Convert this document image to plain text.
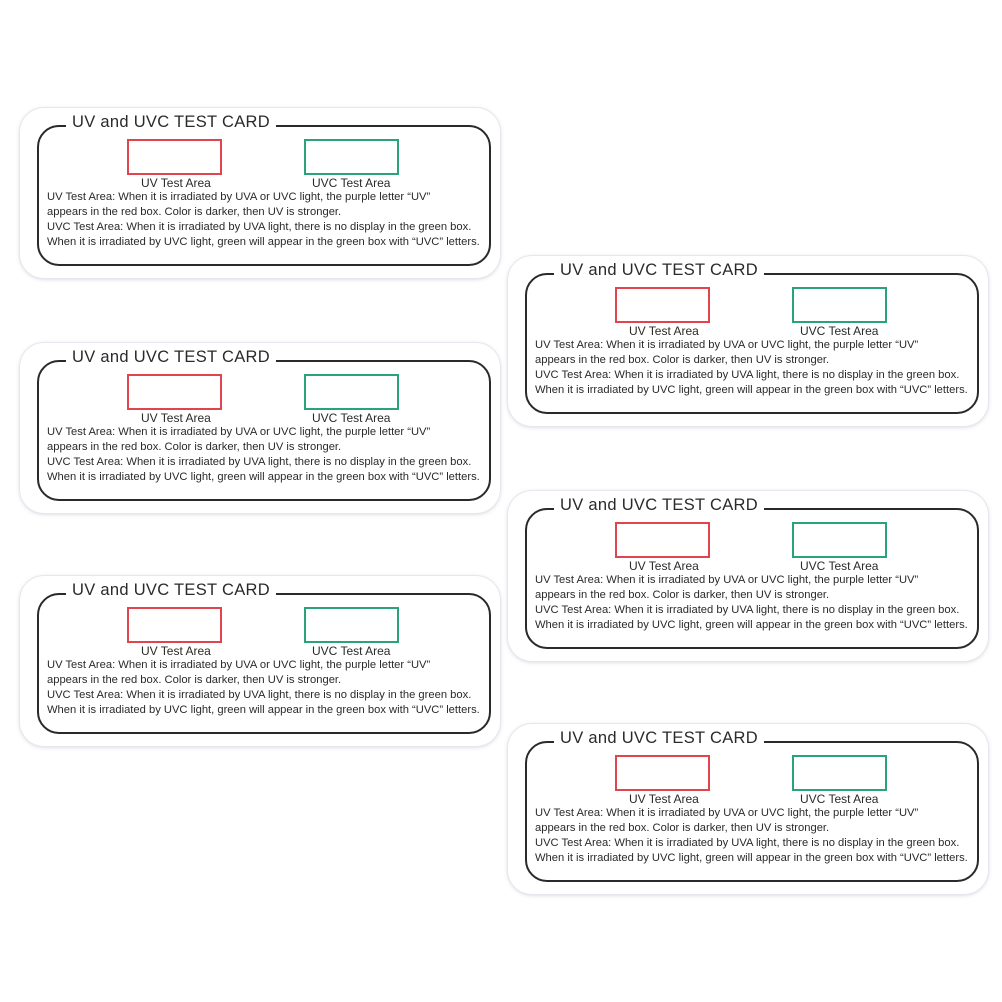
UV and UVC TEST CARD

UV Test Area	UVC Test Area
UV Test Area: When it is irradiated by UVA or UVC light, the purple letter “UV”
appears in the red box. Color is darker, then UV is stronger.
UVC Test Area: When it is irradiated by UVA light, there is no display in the green box.
When it is irradiated by UVC light, green will appear in the green box with “UVC” letters.
UV and UVC TEST CARD
UV Test Area	UVC Test Area
UV Test Area: When it is irradiated by UVA or UVC light, the purple letter “UV”
appears in the red box. Color is darker, then UV is stronger.
UVC Test Area: When it is irradiated by UVA light, there is no display in the green box.
When it is irradiated by UVC light, green will appear in the green box with “UVC” letters.
UV and UVC TEST CARD
UV Test Area	UVC Test Area
UV Test Area: When it is irradiated by UVA or UVC light, the purple letter “UV”
appears in the red box. Color is darker, then UV is stronger.
UVC Test Area: When it is irradiated by UVA light, there is no display in the green box.
When it is irradiated by UVC light, green will appear in the green box with “UVC” letters.
UV and UVC TEST CARD
UV Test Area	UVC Test Area
UV Test Area: When it is irradiated by UVA or UVC light, the purple letter “UV”
appears in the red box. Color is darker, then UV is stronger.
UVC Test Area: When it is irradiated by UVA light, there is no display in the green box.
When it is irradiated by UVC light, green will appear in the green box with “UVC” letters.
UV and UVC TEST CARD
UV Test Area	UVC Test Area
UV Test Area: When it is irradiated by UVA or UVC light, the purple letter “UV”
appears in the red box. Color is darker, then UV is stronger.
UVC Test Area: When it is irradiated by UVA light, there is no display in the green box.
When it is irradiated by UVC light, green will appear in the green box with “UVC” letters.
UV and UVC TEST CARD
UV Test Area	UVC Test Area
UV Test Area: When it is irradiated by UVA or UVC light, the purple letter “UV”
appears in the red box. Color is darker, then UV is stronger.
UVC Test Area: When it is irradiated by UVA light, there is no display in the green box.
When it is irradiated by UVC light, green will appear in the green box with “UVC” letters.
